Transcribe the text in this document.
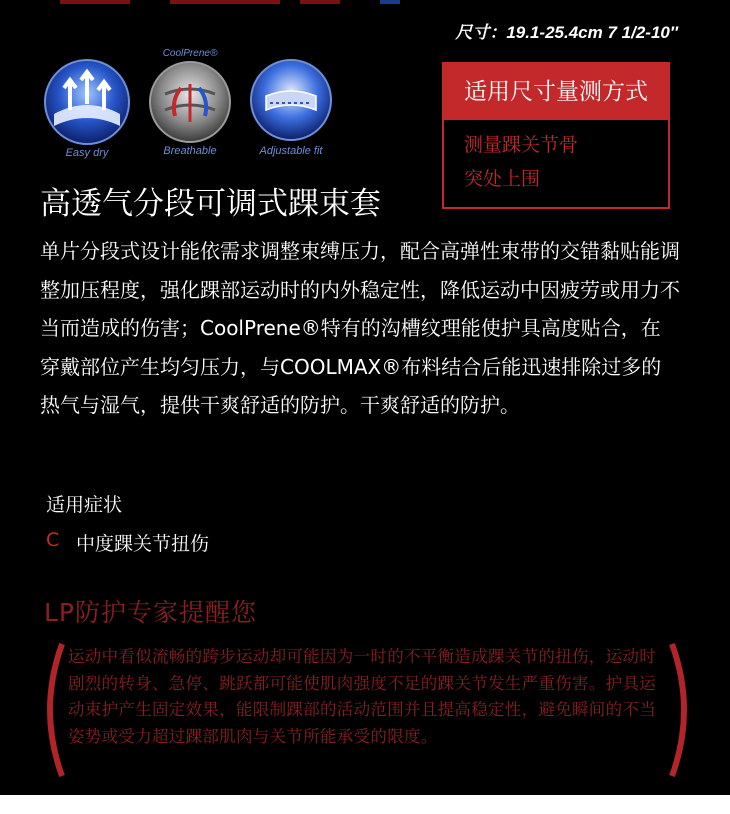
尺寸：19.1-25.4cm 7 1/2-10″
Easy dry
CoolPrene®
Breathable	Adjustable fit
适用尺寸量测方式
测量踝关节骨
突处上围
高透气分段可调式踝束套
单片分段式设计能依需求调整束缚压力，配合高弹性束带的交错黏贴能调整加压程度，强化踝部运动时的内外稳定性，降低运动中因疲劳或用力不当而造成的伤害；CoolPrene®特有的沟槽纹理能使护具高度贴合，在穿戴部位产生均匀压力，与COOLMAX®布料结合后能迅速排除过多的热气与湿气，提供干爽舒适的防护。干爽舒适的防护。
适用症状
C 中度踝关节扭伤
LP防护专家提醒您
运动中看似流畅的跨步运动却可能因为一时的不平衡造成踝关节的扭伤，运动时剧烈的转身、急停、跳跃都可能使肌肉强度不足的踝关节发生严重伤害。护具运动束护产生固定效果，能限制踝部的活动范围并且提高稳定性，避免瞬间的不当姿势或受力超过踝部肌肉与关节所能承受的限度。
